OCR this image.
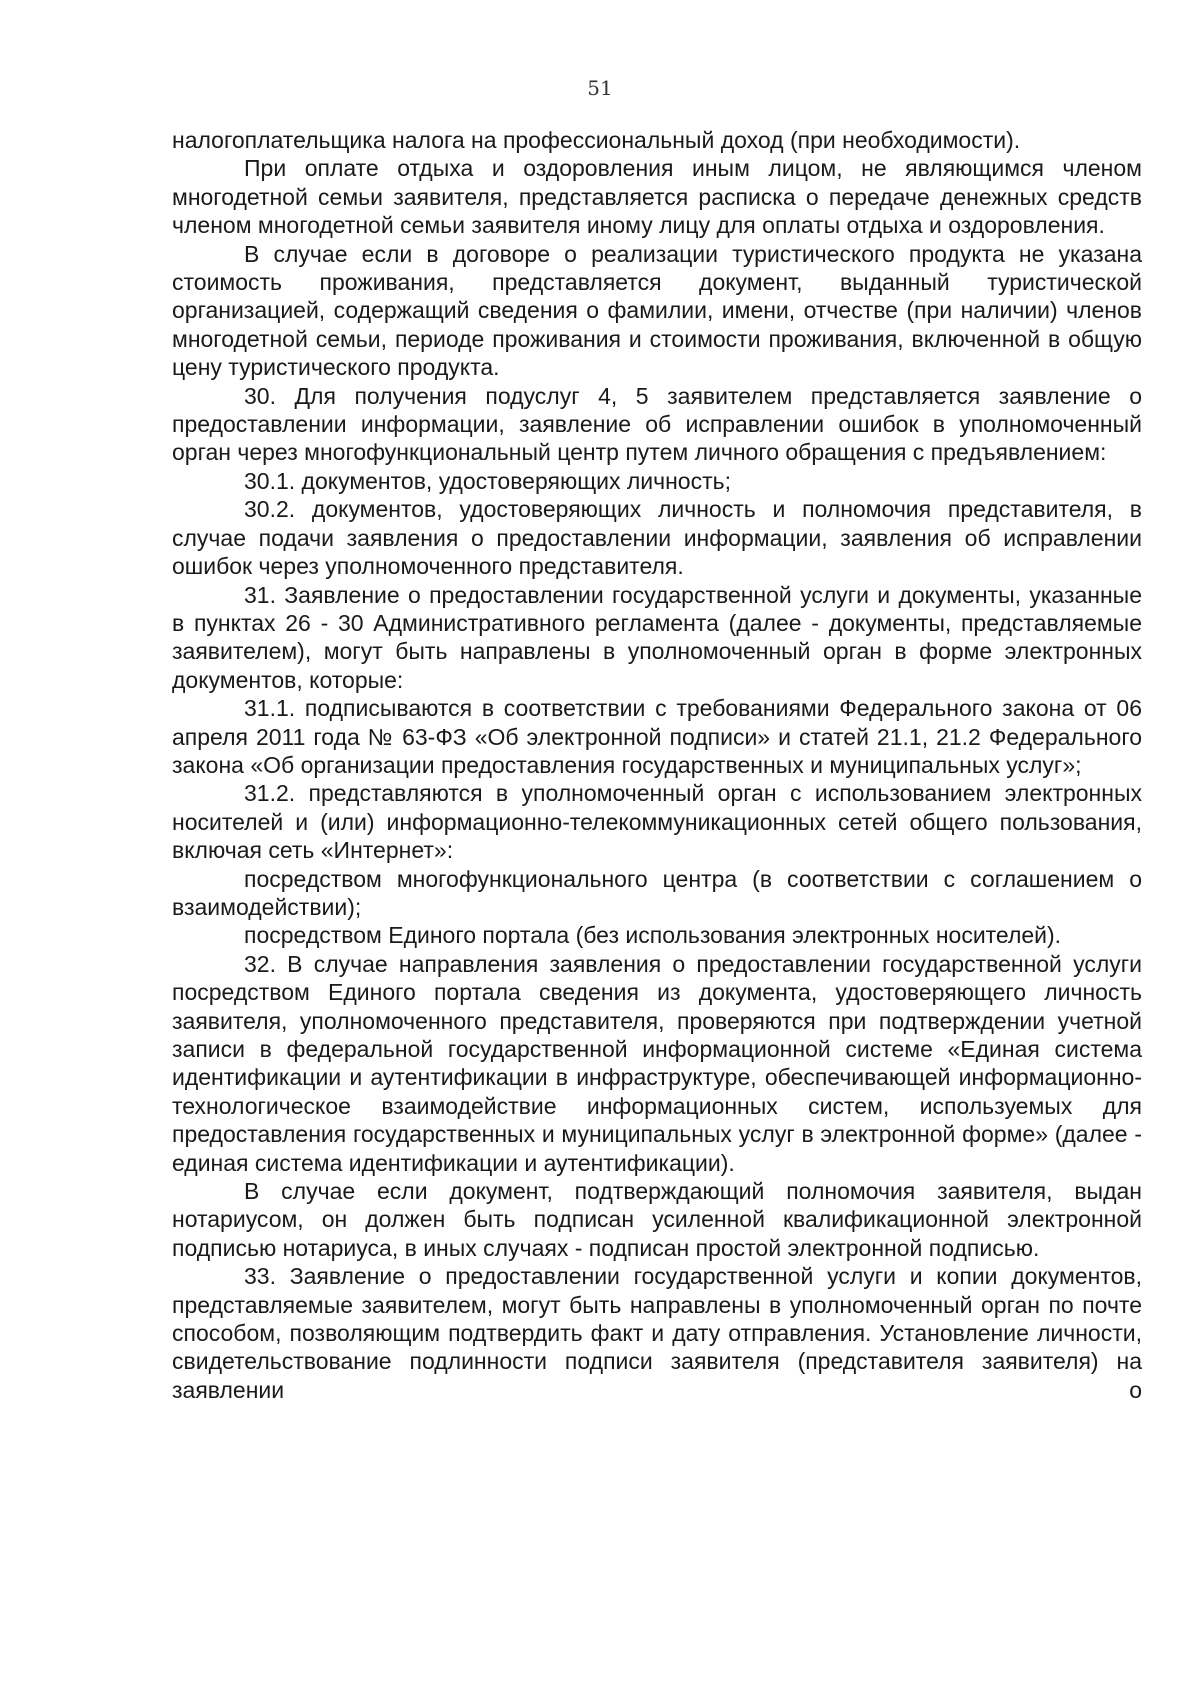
51

налогоплательщика налога на профессиональный доход (при необходимости).

При оплате отдыха и оздоровления иным лицом, не являющимся членом многодетной семьи заявителя, представляется расписка о передаче денежных средств членом многодетной семьи заявителя иному лицу для оплаты отдыха и оздоровления.

В случае если в договоре о реализации туристического продукта не указана стоимость проживания, представляется документ, выданный туристической организацией, содержащий сведения о фамилии, имени, отчестве (при наличии) членов многодетной семьи, периоде проживания и стоимости проживания, включенной в общую цену туристического продукта.

30. Для получения подуслуг 4, 5 заявителем представляется заявление о предоставлении информации, заявление об исправлении ошибок в уполномоченный орган через многофункциональный центр путем личного обращения с предъявлением:

30.1. документов, удостоверяющих личность;

30.2. документов, удостоверяющих личность и полномочия представителя, в случае подачи заявления о предоставлении информации, заявления об исправлении ошибок через уполномоченного представителя.

31. Заявление о предоставлении государственной услуги и документы, указанные в пунктах 26 - 30 Административного регламента (далее - документы, представляемые заявителем), могут быть направлены в уполномоченный орган в форме электронных документов, которые:

31.1. подписываются в соответствии с требованиями Федерального закона от 06 апреля 2011 года № 63-ФЗ «Об электронной подписи» и статей 21.1, 21.2 Федерального закона «Об организации предоставления государственных и муниципальных услуг»;

31.2. представляются в уполномоченный орган с использованием электронных носителей и (или) информационно-телекоммуникационных сетей общего пользования, включая сеть «Интернет»:

посредством многофункционального центра (в соответствии с соглашением о взаимодействии);

посредством Единого портала (без использования электронных носителей).

32. В случае направления заявления о предоставлении государственной услуги посредством Единого портала сведения из документа, удостоверяющего личность заявителя, уполномоченного представителя, проверяются при подтверждении учетной записи в федеральной государственной информационной системе «Единая система идентификации и аутентификации в инфраструктуре, обеспечивающей информационно-технологическое взаимодействие информационных систем, используемых для предоставления государственных и муниципальных услуг в электронной форме» (далее - единая система идентификации и аутентификации).

В случае если документ, подтверждающий полномочия заявителя, выдан нотариусом, он должен быть подписан усиленной квалификационной электронной подписью нотариуса, в иных случаях - подписан простой электронной подписью.

33. Заявление о предоставлении государственной услуги и копии документов, представляемые заявителем, могут быть направлены в уполномоченный орган по почте способом, позволяющим подтвердить факт и дату отправления. Установление личности, свидетельствование подлинности подписи заявителя (представителя заявителя) на заявлении о
